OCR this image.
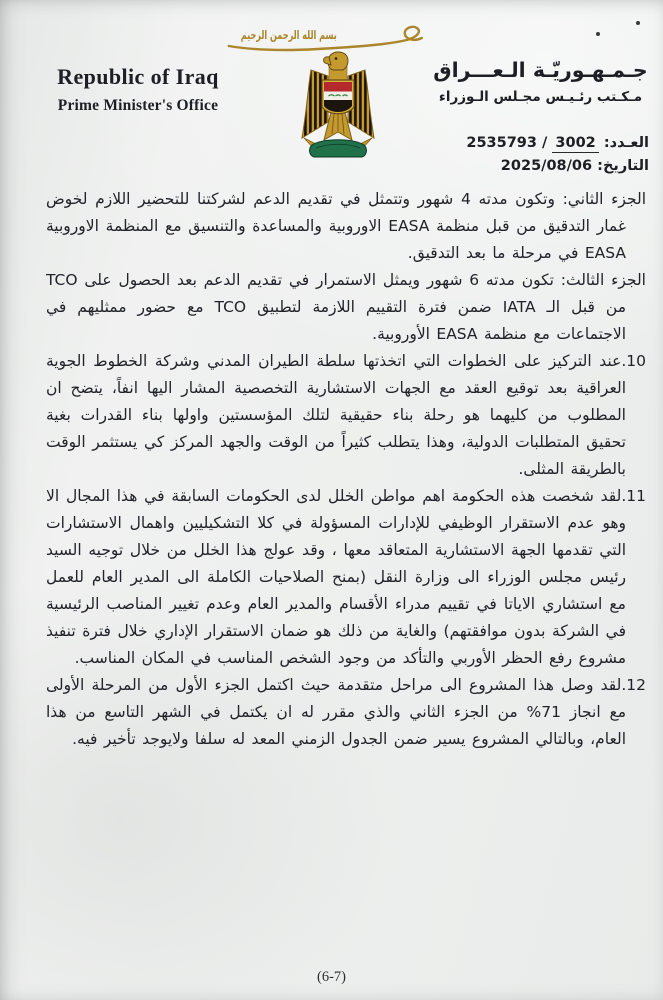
بسم الله الرحمن الرحيم
Republic of Iraq
Prime Minister's Office
جـمـهـوريّـة الـعـــراق
مـكـتب رئـيـس مجـلس الـوزراء
العـدد: 3002 / 2535793
التاريخ: 2025/08/06

الجزء الثاني: وتكون مدته 4 شهور وتتمثل في تقديم الدعم لشركتنا للتحضير اللازم لخوض غمار التدقيق من قبل منظمة EASA الاوروبية والمساعدة والتنسيق مع المنظمة الاوروبية EASA في مرحلة ما بعد التدقيق.

الجزء الثالث: تكون مدته 6 شهور ويمثل الاستمرار في تقديم الدعم بعد الحصول على TCO من قبل الـ IATA ضمن فترة التقييم اللازمة لتطبيق TCO مع حضور ممثليهم في الاجتماعات مع منظمة EASA الأوروبية.

10.عند التركيز على الخطوات التي اتخذتها سلطة الطيران المدني وشركة الخطوط الجوية العراقية بعد توقيع العقد مع الجهات الاستشارية التخصصية المشار اليها انفاً، يتضح ان المطلوب من كليهما هو رحلة بناء حقيقية لتلك المؤسستين واولها بناء القدرات بغية تحقيق المتطلبات الدولية، وهذا يتطلب كثيراً من الوقت والجهد المركز كي يستثمر الوقت بالطريقة المثلى.

11.لقد شخصت هذه الحكومة اهم مواطن الخلل لدى الحكومات السابقة في هذا المجال الا وهو عدم الاستقرار الوظيفي للإدارات المسؤولة في كلا التشكيليين واهمال الاستشارات التي تقدمها الجهة الاستشارية المتعاقد معها ، وقد عولج هذا الخلل من خلال توجيه السيد رئيس مجلس الوزراء الى وزارة النقل (بمنح الصلاحيات الكاملة الى المدير العام للعمل مع استشاري الاياتا في تقييم مدراء الأقسام والمدير العام وعدم تغيير المناصب الرئيسية في الشركة بدون موافقتهم) والغاية من ذلك هو ضمان الاستقرار الإداري خلال فترة تنفيذ مشروع رفع الحظر الأوربي والتأكد من وجود الشخص المناسب في المكان المناسب.

12.لقد وصل هذا المشروع الى مراحل متقدمة حيث اكتمل الجزء الأول من المرحلة الأولى مع انجاز 71% من الجزء الثاني والذي مقرر له ان يكتمل في الشهر التاسع من هذا العام، وبالتالي المشروع يسير ضمن الجدول الزمني المعد له سلفا ولايوجد تأخير فيه.

(6-7)
